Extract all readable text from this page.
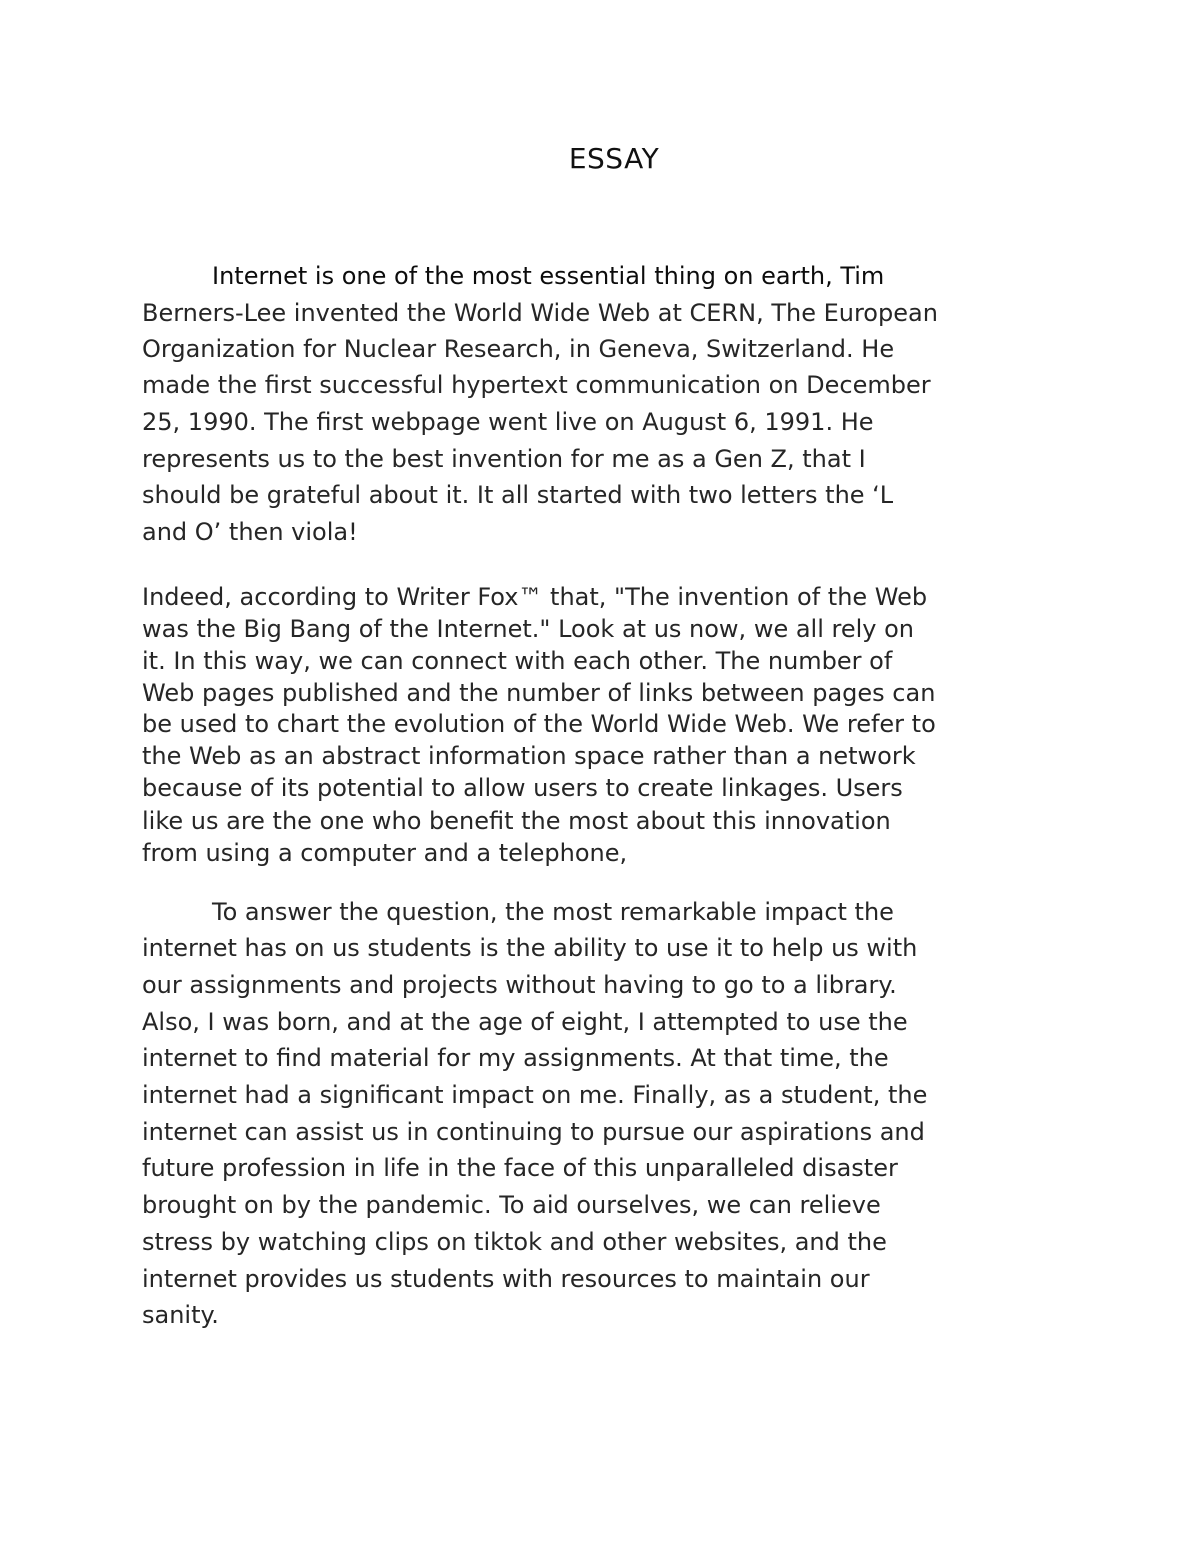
ESSAY
Internet is one of the most essential thing on earth, Tim
Berners-Lee invented the World Wide Web at CERN, The European
Organization for Nuclear Research, in Geneva, Switzerland. He
made the first successful hypertext communication on December
25, 1990. The first webpage went live on August 6, 1991. He
represents us to the best invention for me as a Gen Z, that I
should be grateful about it. It all started with two letters the ‘L
and O’ then viola!
Indeed, according to Writer Fox™ that, "The invention of the Web
was the Big Bang of the Internet." Look at us now, we all rely on
it. In this way, we can connect with each other. The number of
Web pages published and the number of links between pages can
be used to chart the evolution of the World Wide Web. We refer to
the Web as an abstract information space rather than a network
because of its potential to allow users to create linkages. Users
like us are the one who benefit the most about this innovation
from using a computer and a telephone,
To answer the question, the most remarkable impact the
internet has on us students is the ability to use it to help us with
our assignments and projects without having to go to a library.
Also, I was born, and at the age of eight, I attempted to use the
internet to find material for my assignments. At that time, the
internet had a significant impact on me. Finally, as a student, the
internet can assist us in continuing to pursue our aspirations and
future profession in life in the face of this unparalleled disaster
brought on by the pandemic. To aid ourselves, we can relieve
stress by watching clips on tiktok and other websites, and the
internet provides us students with resources to maintain our
sanity.
